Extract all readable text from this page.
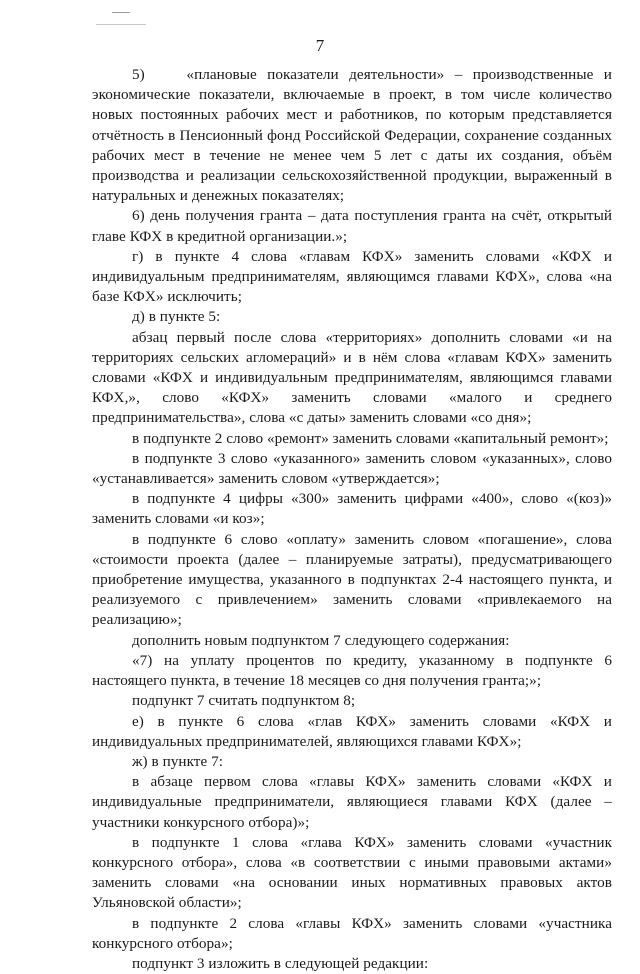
7

5)    «плановые показатели деятельности» – производственные и экономические показатели, включаемые в проект, в том числе количество новых постоянных рабочих мест и работников, по которым представляется отчётность в Пенсионный фонд Российской Федерации, сохранение созданных рабочих мест в течение не менее чем 5 лет с даты их создания, объём производства и реализации сельскохозяйственной продукции, выраженный в натуральных и денежных показателях;

6) день получения гранта – дата поступления гранта на счёт, открытый главе КФХ в кредитной организации.»;

г) в пункте 4 слова «главам КФХ» заменить словами «КФХ и индивидуальным предпринимателям, являющимся главами КФХ», слова «на базе КФХ» исключить;

д) в пункте 5:

абзац первый после слова «территориях» дополнить словами «и на территориях сельских агломераций» и в нём слова «главам КФХ» заменить словами «КФХ и индивидуальным предпринимателям, являющимся главами КФХ,», слово «КФХ» заменить словами «малого и среднего предпринимательства», слова «с даты» заменить словами «со дня»;

в подпункте 2 слово «ремонт» заменить словами «капитальный ремонт»;

в подпункте 3 слово «указанного» заменить словом «указанных», слово «устанавливается» заменить словом «утверждается»;

в подпункте 4 цифры «300» заменить цифрами «400», слово «(коз)» заменить словами «и коз»;

в подпункте 6 слово «оплату» заменить словом «погашение», слова «стоимости проекта (далее – планируемые затраты), предусматривающего приобретение имущества, указанного в подпунктах 2-4 настоящего пункта, и реализуемого с привлечением» заменить словами «привлекаемого на реализацию»;

дополнить новым подпунктом 7 следующего содержания:

«7) на уплату процентов по кредиту, указанному в подпункте 6 настоящего пункта, в течение 18 месяцев со дня получения гранта;»;

подпункт 7 считать подпунктом 8;

е) в пункте 6 слова «глав КФХ» заменить словами «КФХ и индивидуальных предпринимателей, являющихся главами КФХ»;

ж) в пункте 7:

в абзаце первом слова «главы КФХ» заменить словами «КФХ и индивидуальные предприниматели, являющиеся главами КФХ (далее – участники конкурсного отбора)»;

в подпункте 1 слова «глава КФХ» заменить словами «участник конкурсного отбора», слова «в соответствии с иными правовыми актами» заменить словами «на основании иных нормативных правовых актов Ульяновской области»;

в подпункте 2 слова «главы КФХ» заменить словами «участника конкурсного отбора»;

подпункт 3 изложить в следующей редакции:
